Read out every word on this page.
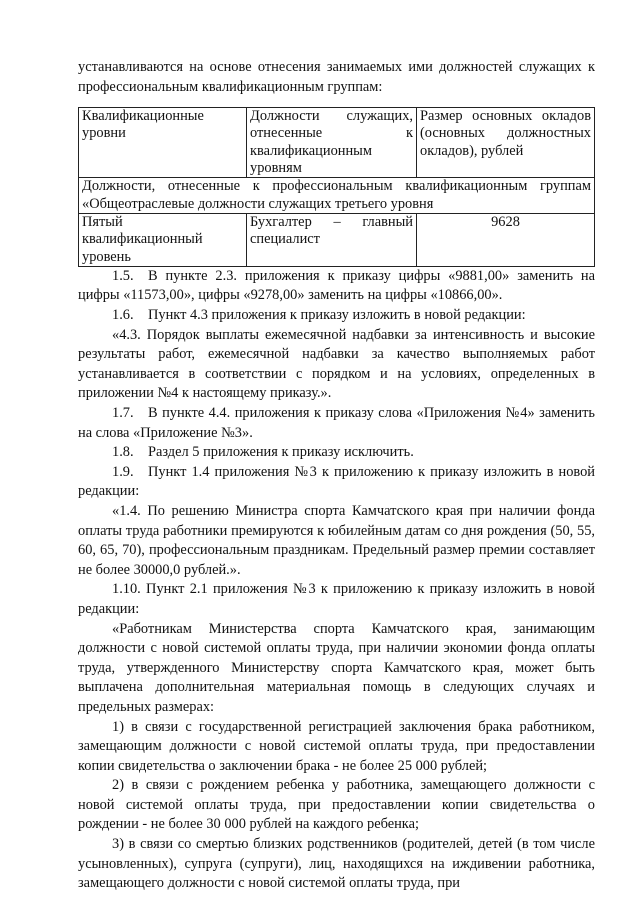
устанавливаются на основе отнесения занимаемых ими должностей служащих к профессиональным квалификационным группам:

Квалификационные уровни	Должности служащих, отнесенные к квалификационным уровням	Размер основных окладов (основных должностных окладов), рублей
Должности, отнесенные к профессиональным квалификационным группам «Общеотраслевые должности служащих третьего уровня		
Пятый квалификационный уровень	Бухгалтер – главный специалист	9628

1.5. В пункте 2.3. приложения к приказу цифры «9881,00» заменить на цифры «11573,00», цифры «9278,00» заменить на цифры «10866,00».

1.6. Пункт 4.3 приложения к приказу изложить в новой редакции:

«4.3. Порядок выплаты ежемесячной надбавки за интенсивность и высокие результаты работ, ежемесячной надбавки за качество выполняемых работ устанавливается в соответствии с порядком и на условиях, определенных в приложении №4 к настоящему приказу.».

1.7. В пункте 4.4. приложения к приказу слова «Приложения №4» заменить на слова «Приложение №3».

1.8. Раздел 5 приложения к приказу исключить.

1.9. Пункт 1.4 приложения №3 к приложению к приказу изложить в новой редакции:

«1.4. По решению Министра спорта Камчатского края при наличии фонда оплаты труда работники премируются к юбилейным датам со дня рождения (50, 55, 60, 65, 70), профессиональным праздникам. Предельный размер премии составляет не более 30000,0 рублей.».

1.10. Пункт 2.1 приложения №3 к приложению к приказу изложить в новой редакции:

«Работникам Министерства спорта Камчатского края, занимающим должности с новой системой оплаты труда, при наличии экономии фонда оплаты труда, утвержденного Министерству спорта Камчатского края, может быть выплачена дополнительная материальная помощь в следующих случаях и предельных размерах:

1) в связи с государственной регистрацией заключения брака работником, замещающим должности с новой системой оплаты труда, при предоставлении копии свидетельства о заключении брака - не более 25 000 рублей;

2) в связи с рождением ребенка у работника, замещающего должности с новой системой оплаты труда, при предоставлении копии свидетельства о рождении - не более 30 000 рублей на каждого ребенка;

3) в связи со смертью близких родственников (родителей, детей (в том числе усыновленных), супруга (супруги), лиц, находящихся на иждивении работника, замещающего должности с новой системой оплаты труда, при
